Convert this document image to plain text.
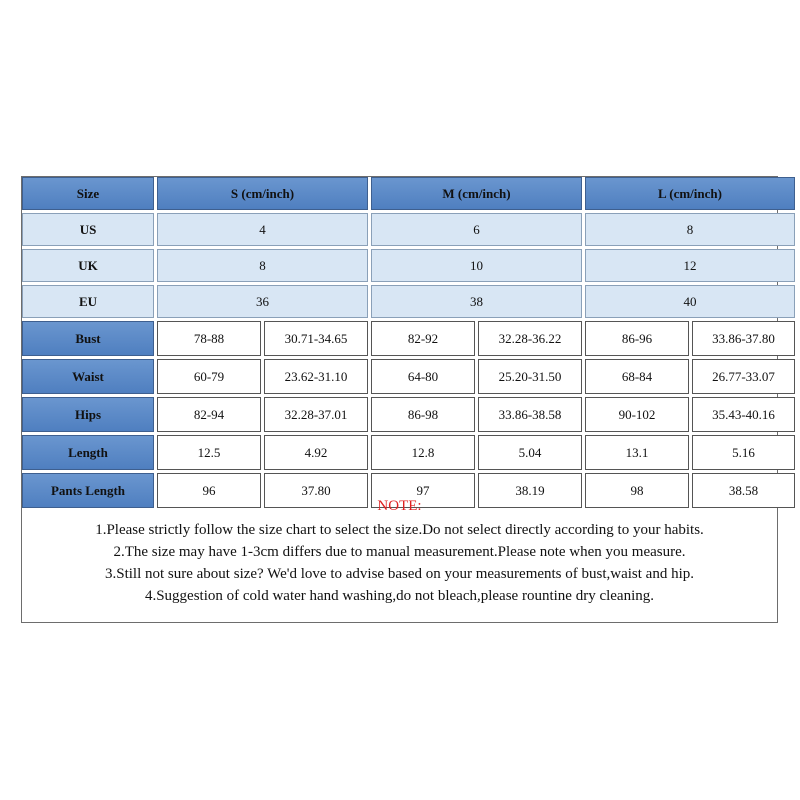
Size	S (cm/inch)	M (cm/inch)	L (cm/inch)
US	4	6	8
UK	8	10	12
EU	36	38	40
Bust	78-88	30.71-34.65	82-92	32.28-36.22	86-96	33.86-37.80
Waist	60-79	23.62-31.10	64-80	25.20-31.50	68-84	26.77-33.07
Hips	82-94	32.28-37.01	86-98	33.86-38.58	90-102	35.43-40.16
Length	12.5	4.92	12.8	5.04	13.1	5.16
Pants Length	96	37.80	97	38.19	98	38.58
NOTE:
1.Please strictly follow the size chart to select the size.Do not select directly according to your habits.
2.The size may have 1-3cm differs due to manual measurement.Please note when you measure.
3.Still not sure about size? We'd love to advise based on your measurements of bust,waist and hip.
4.Suggestion of cold water hand washing,do not bleach,please rountine dry cleaning.
